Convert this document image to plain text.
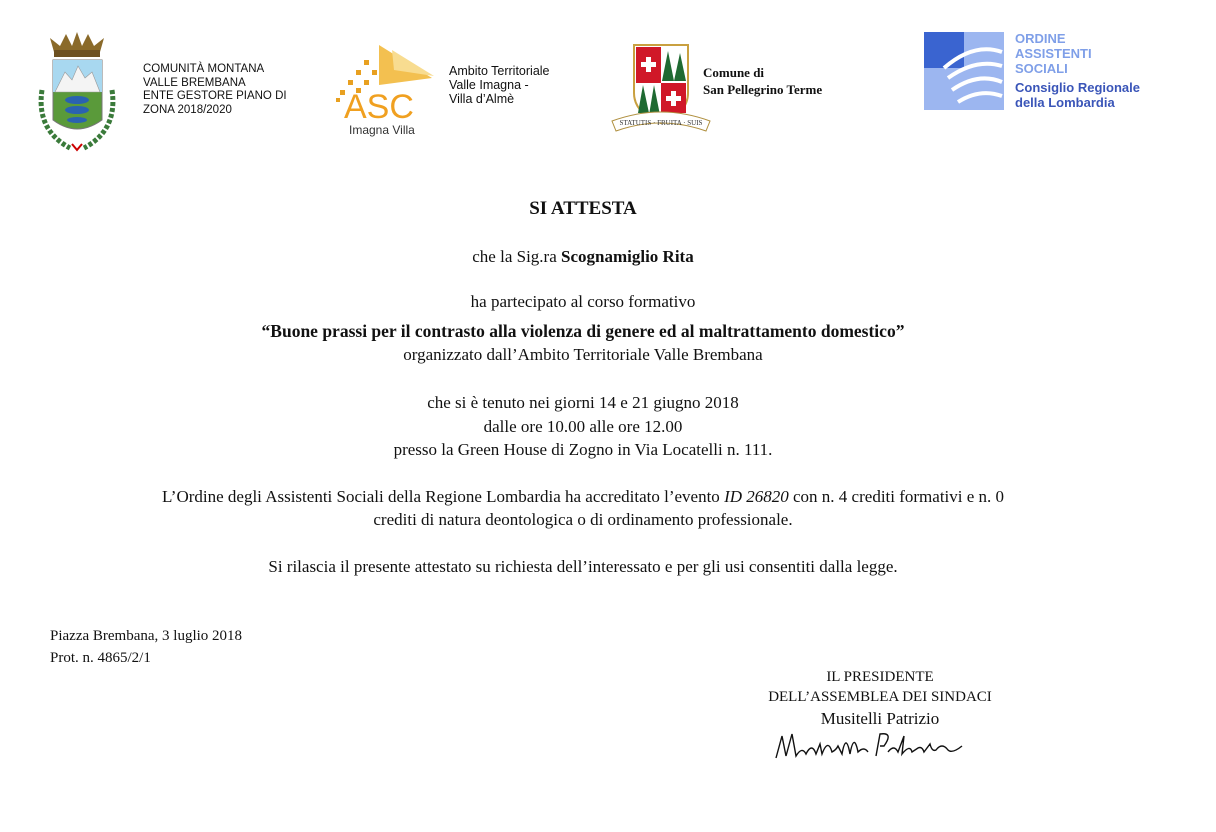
COMUNITÀ MONTANA
VALLE BREMBANA
ENTE GESTORE PIANO DI
ZONA 2018/2020	ASC
Imagna Villa
Ambito Territoriale
Valle Imagna -
Villa d’Almè
STATUTIS · FRUITA · SUIS
Comune di
San Pellegrino Terme
ORDINE
ASSISTENTI
SOCIALI
Consiglio Regionale
della Lombardia
SI ATTESTA
che la Sig.ra Scognamiglio Rita
ha partecipato al corso formativo
“Buone prassi per il contrasto alla violenza di genere ed al maltrattamento domestico”
organizzato dall’Ambito Territoriale Valle Brembana
che si è tenuto nei giorni 14 e 21 giugno 2018
dalle ore 10.00 alle ore 12.00
presso la Green House di Zogno in Via Locatelli n. 111.
L’Ordine degli Assistenti Sociali della Regione Lombardia ha accreditato l’evento ID 26820 con n. 4 crediti formativi e n. 0
crediti di natura deontologica o di ordinamento professionale.
Si rilascia il presente attestato su richiesta dell’interessato e per gli usi consentiti dalla legge.
Piazza Brembana, 3 luglio 2018
Prot. n. 4865/2/1
IL PRESIDENTE
DELL’ASSEMBLEA DEI SINDACI
Musitelli Patrizio
